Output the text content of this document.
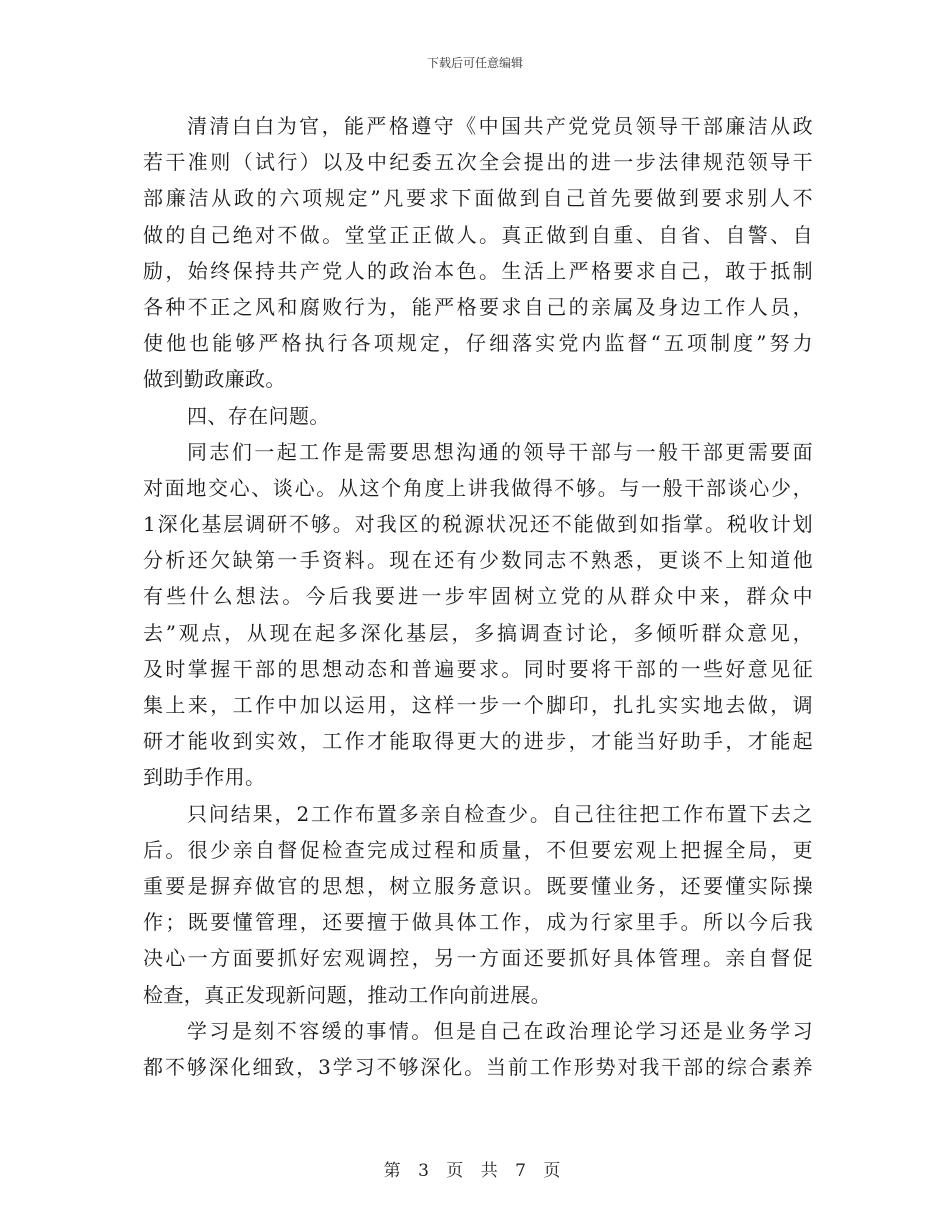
下载后可任意编辑
清清白白为官，能严格遵守《中国共产党党员领导干部廉洁从政
若干准则（试行）以及中纪委五次全会提出的进一步法律规范领导干
部廉洁从政的六项规定”凡要求下面做到自己首先要做到要求别人不
做的自己绝对不做。堂堂正正做人。真正做到自重、自省、自警、自
励，始终保持共产党人的政治本色。生活上严格要求自己，敢于抵制
各种不正之风和腐败行为，能严格要求自己的亲属及身边工作人员，
使他也能够严格执行各项规定，仔细落实党内监督“五项制度”努力
做到勤政廉政。
四、存在问题。
同志们一起工作是需要思想沟通的领导干部与一般干部更需要面
对面地交心、谈心。从这个角度上讲我做得不够。与一般干部谈心少，
1深化基层调研不够。对我区的税源状况还不能做到如指掌。税收计划
分析还欠缺第一手资料。现在还有少数同志不熟悉，更谈不上知道他
有些什么想法。今后我要进一步牢固树立党的从群众中来，群众中
去”观点，从现在起多深化基层，多搞调查讨论，多倾听群众意见，
及时掌握干部的思想动态和普遍要求。同时要将干部的一些好意见征
集上来，工作中加以运用，这样一步一个脚印，扎扎实实地去做，调
研才能收到实效，工作才能取得更大的进步，才能当好助手，才能起
到助手作用。
只问结果，2工作布置多亲自检查少。自己往往把工作布置下去之
后。很少亲自督促检查完成过程和质量，不但要宏观上把握全局，更
重要是摒弃做官的思想，树立服务意识。既要懂业务，还要懂实际操
作；既要懂管理，还要擅于做具体工作，成为行家里手。所以今后我
决心一方面要抓好宏观调控，另一方面还要抓好具体管理。亲自督促
检查，真正发现新问题，推动工作向前进展。
学习是刻不容缓的事情。但是自己在政治理论学习还是业务学习
都不够深化细致，3学习不够深化。当前工作形势对我干部的综合素养
第 3 页 共 7 页
